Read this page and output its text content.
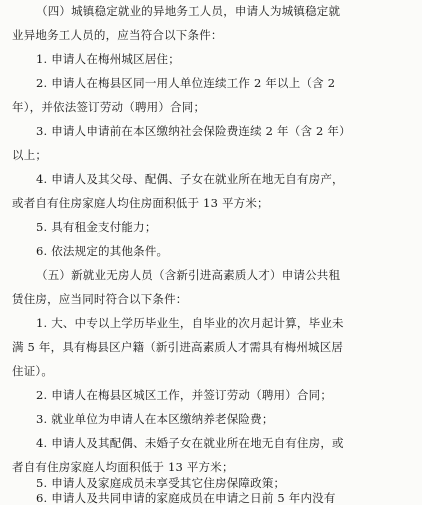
（四）城镇稳定就业的异地务工人员，申请人为城镇稳定就
业异地务工人员的，应当符合以下条件：
1. 申请人在梅州城区居住；
2. 申请人在梅县区同一用人单位连续工作 2 年以上（含 2
年），并依法签订劳动（聘用）合同；
3. 申请人申请前在本区缴纳社会保险费连续 2 年（含 2 年）
以上；
4. 申请人及其父母、配偶、子女在就业所在地无自有房产，
或者自有住房家庭人均住房面积低于 13 平方米；
5. 具有租金支付能力；
6. 依法规定的其他条件。
（五）新就业无房人员（含新引进高素质人才）申请公共租
赁住房，应当同时符合以下条件：
1. 大、中专以上学历毕业生，自毕业的次月起计算，毕业未
满 5 年，具有梅县区户籍（新引进高素质人才需具有梅州城区居
住证）。
2. 申请人在梅县区城区工作，并签订劳动（聘用）合同；
3. 就业单位为申请人在本区缴纳养老保险费；
4. 申请人及其配偶、未婚子女在就业所在地无自有住房，或
者自有住房家庭人均面积低于 13 平方米；
5. 申请人及家庭成员未享受其它住房保障政策；
6. 申请人及共同申请的家庭成员在申请之日前 5 年内没有
